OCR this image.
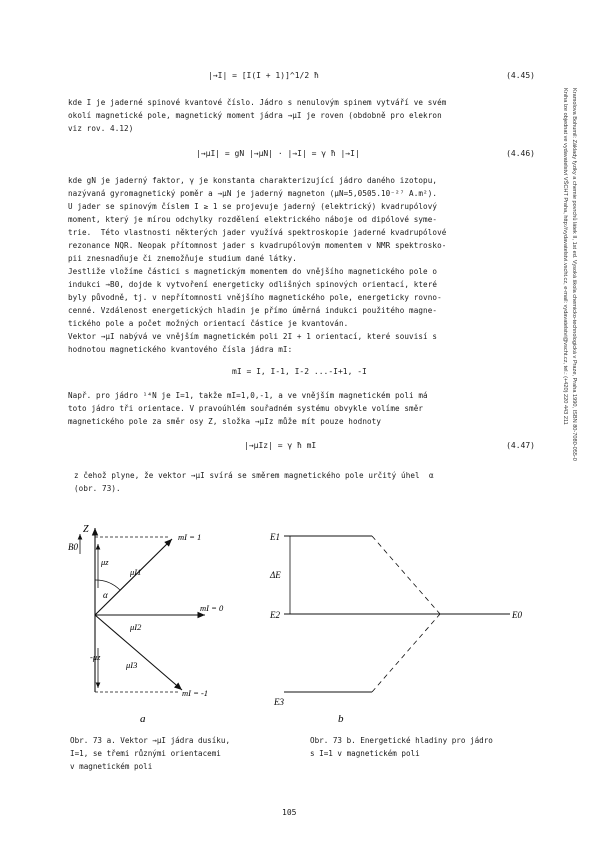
Kramolova Bohumil: Základy fyziky a chemie povrchů látek II, 1st ed. Vysoká škola chemicko-technologická v Praze, Praha 1990, ISBN 80-7080-055-0
Kniha lze objednat ve vydavatelství VŠCHT Praha, http://vydavatelstvi.vscht.cz, e-mail: vydavatelstvi@vscht.cz, tel.: (+420) 220 443 211
|→I| = [I(I + 1)]^1/2 ħ	(4.45)
kde I je jaderné spinové kvantové číslo. Jádro s nenulovým spinem vytváří ve svém
okolí magnetické pole, magnetický moment jádra →μI je roven (obdobně pro elekron
viz rov. 4.12)
|→μI| = gN |→μN| · |→I| = γ ħ |→I|	(4.46)
kde gN je jaderný faktor, γ je konstanta charakterizující jádro daného izotopu,
nazývaná gyromagnetický poměr a →μN je jaderný magneton (μN=5,0505.10⁻²⁷ A.m²).
U jader se spinovým číslem I ≥ 1 se projevuje jaderný (elektrický) kvadrupólový
moment, který je mírou odchylky rozdělení elektrického náboje od dipólové syme-
trie.  Této vlastnosti některých jader využívá spektroskopie jaderné kvadrupólové
rezonance NQR. Neopak přítomnost jader s kvadrupólovým momentem v NMR spektrosko-
pii znesnadňuje či znemožňuje studium dané látky.
Jestliže vložíme částici s magnetickým momentem do vnějšího magnetického pole o
indukci →B0, dojde k vytvoření energeticky odlišných spinových orientací, které
byly původně, tj. v nepřítomnosti vnějšího magnetického pole, energeticky rovno-
cenné. Vzdálenost energetických hladin je přímo úměrná indukci použitého magne-
tického pole a počet možných orientací částice je kvantován.
Vektor →μI nabývá ve vnějším magnetickém poli 2I + 1 orientací, které souvisí s
hodnotou magnetického kvantového čísla jádra mI:
mI = I, I-1, I-2 ...-I+1, -I
Např. pro jádro ¹⁴N je I=1, takže mI=1,0,-1, a ve vnějším magnetickém poli má
toto jádro tři orientace. V pravoúhlém souřadném systému obvykle volíme směr
magnetického pole za směr osy Z, složka →μIz může mít pouze hodnoty
|→μIz| = γ ħ mI	(4.47)
z čehož plyne, že vektor →μI svírá se směrem magnetického pole určitý úhel  α
(obr. 73).
Z
B0
μz
μI1
α
μI2
-μz
μI3
mI = 1
mI = 0
mI = -1
a
E1
ΔE
E2	E0
E3
b
Obr. 73 a. Vektor →μI jádra dusíku,
I=1, se třemi různými orientacemi
v magnetickém poli
Obr. 73 b. Energetické hladiny pro jádro
s I=1 v magnetickém poli
105
